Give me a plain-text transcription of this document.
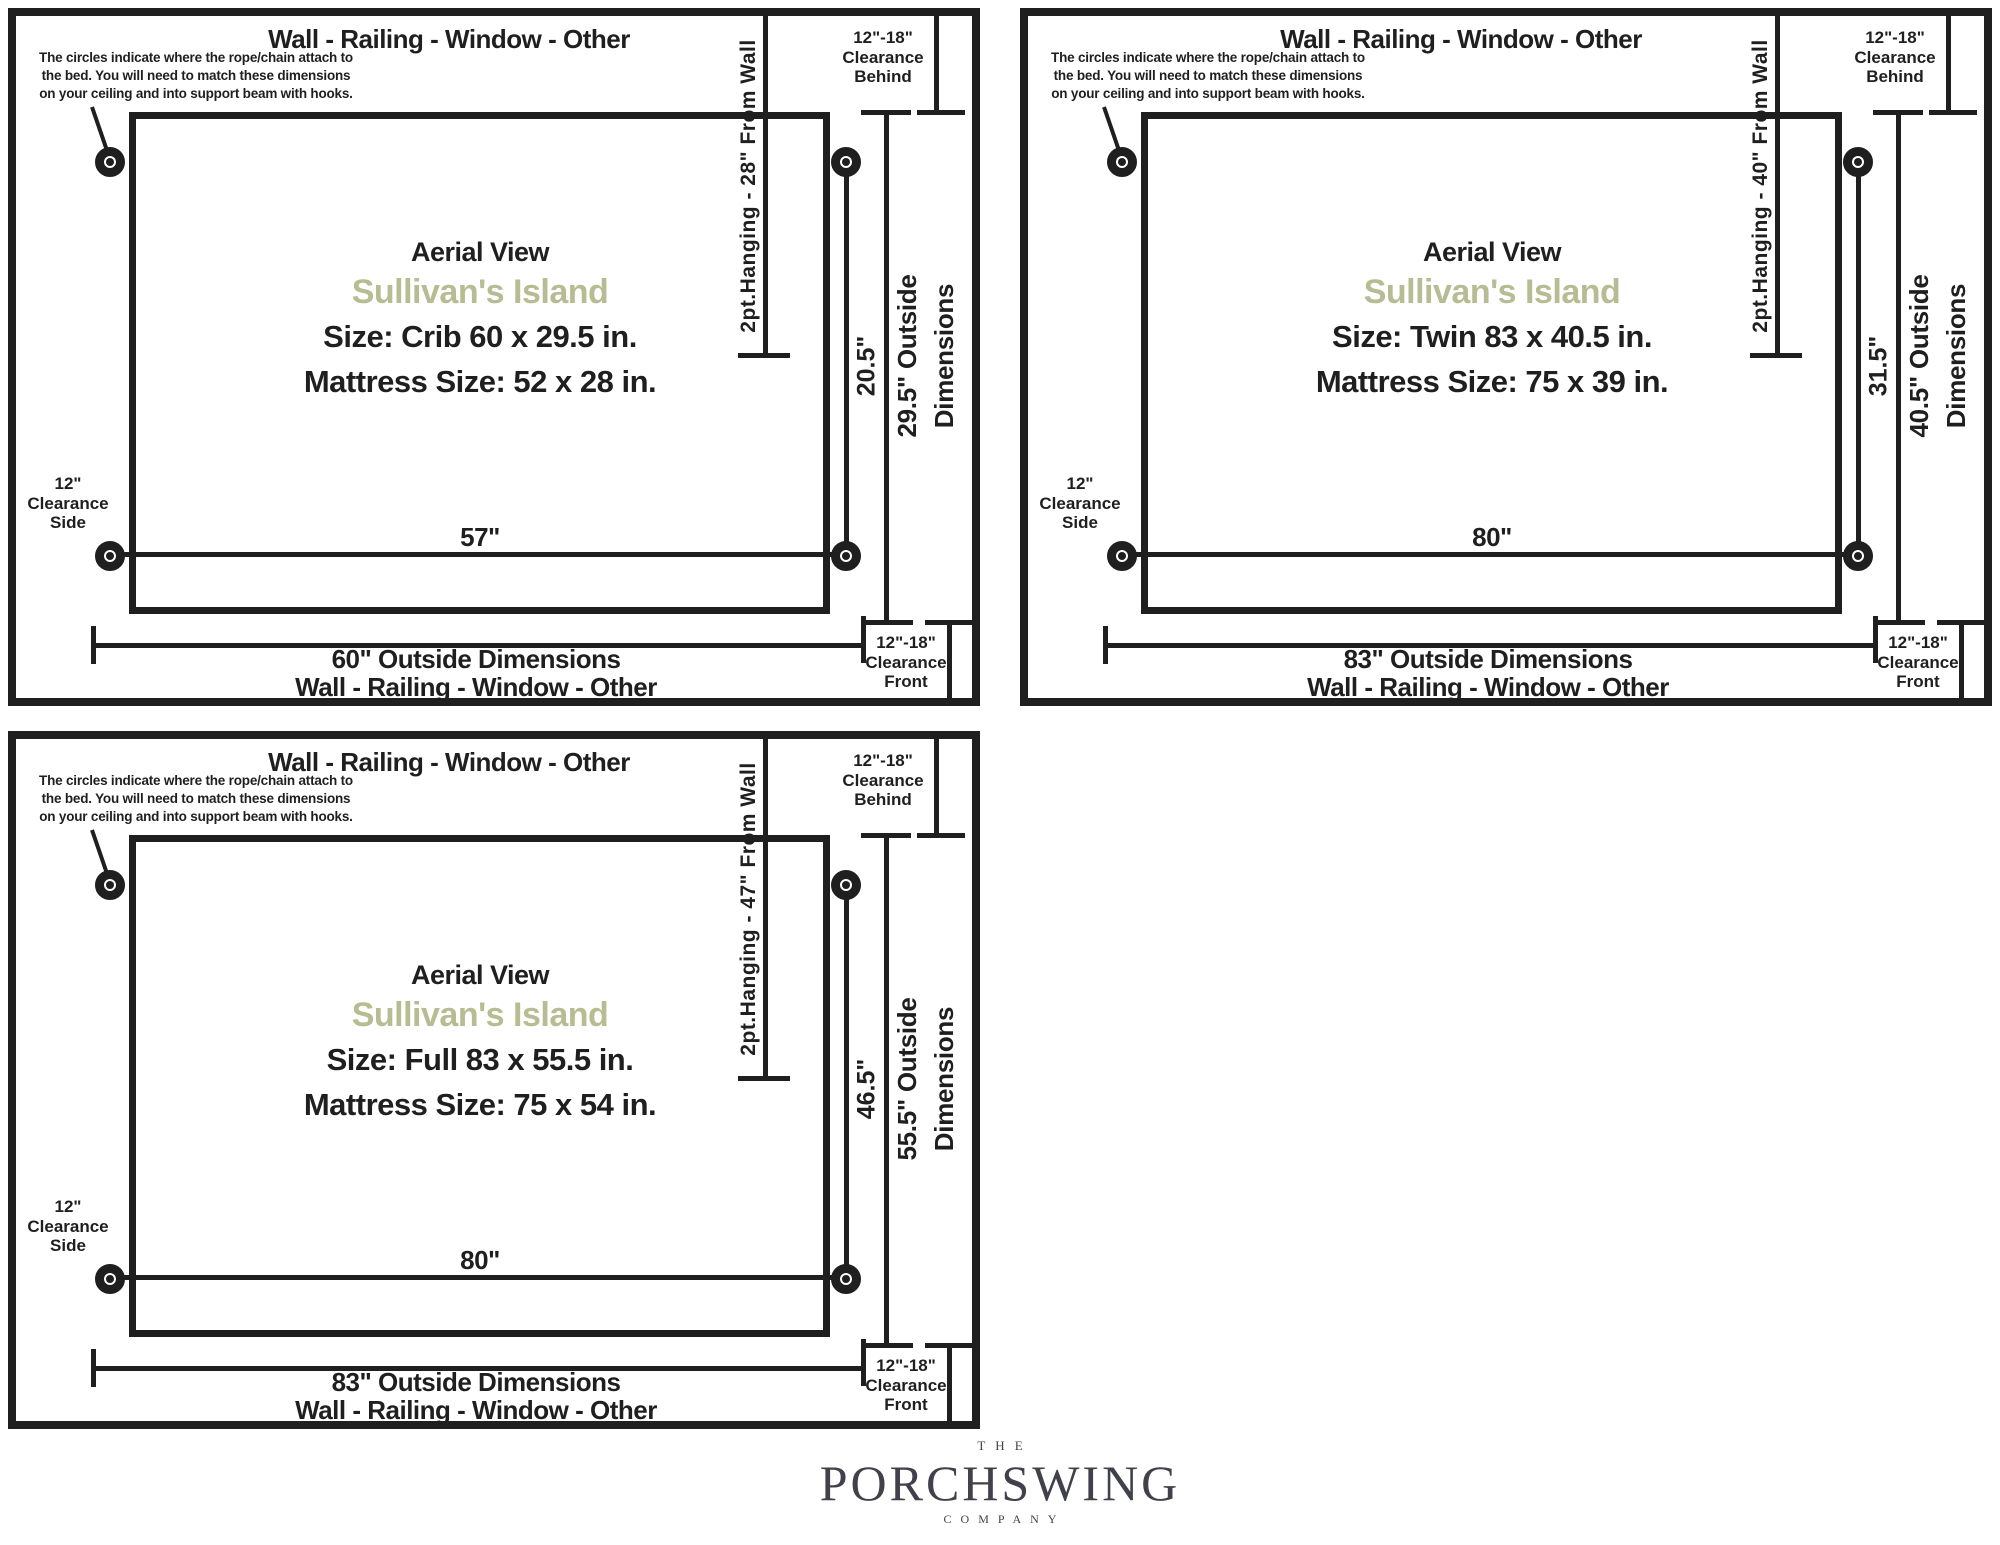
Wall - Railing - Window - Other
The circles indicate where the rope/chain attach to
the bed. You will need to match these dimensions
on your ceiling and into support beam with hooks.
12"-18"
Clearance
Behind
2pt.Hanging - 28" From Wall
20.5" 29.5" Outside Dimensions
Aerial View
Sullivan's Island
Size: Crib 60 x 29.5 in.
Mattress Size: 52 x 28 in.
12"
Clearance
Side	57"
60" Outside Dimensions
Wall - Railing - Window - Other
12"-18"
Clearance
Front
Wall - Railing - Window - Other
The circles indicate where the rope/chain attach to
the bed. You will need to match these dimensions
on your ceiling and into support beam with hooks.
12"-18"
Clearance
Behind
2pt.Hanging - 40" From Wall
31.5" 40.5" Outside Dimensions
Aerial View
Sullivan's Island
Size: Twin 83 x 40.5 in.
Mattress Size: 75 x 39 in.
12"
Clearance
Side	80"
83" Outside Dimensions
Wall - Railing - Window - Other
12"-18"
Clearance
Front
Wall - Railing - Window - Other
The circles indicate where the rope/chain attach to
the bed. You will need to match these dimensions
on your ceiling and into support beam with hooks.
12"-18"
Clearance
Behind
2pt.Hanging - 47" From Wall
46.5" 55.5" Outside Dimensions
Aerial View
Sullivan's Island
Size: Full 83 x 55.5 in.
Mattress Size: 75 x 54 in.
12"
Clearance
Side	80"
83" Outside Dimensions
Wall - Railing - Window - Other
12"-18"
Clearance
Front
THE
PORCHSWING
COMPANY
